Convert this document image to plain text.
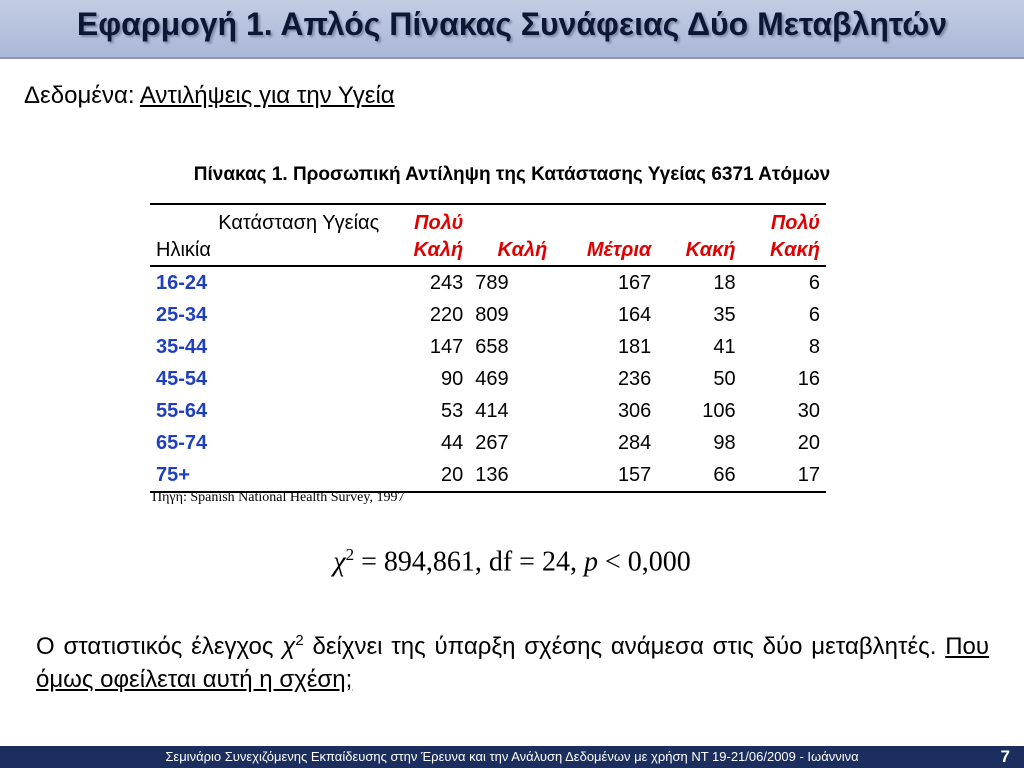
Εφαρμογή 1. Απλός Πίνακας Συνάφειας Δύο Μεταβλητών
Δεδομένα: Αντιλήψεις για την Υγεία
Πίνακας 1. Προσωπική Αντίληψη της Κατάστασης Υγείας 6371 Ατόμων
Κατάσταση Υγείας	Πολύ				Πολύ
Ηλικία	Καλή	Καλή	Μέτρια	Κακή	Κακή
16-24	243	789	167	18	6
25-34	220	809	164	35	6
35-44	147	658	181	41	8
45-54	90	469	236	50	16
55-64	53	414	306	106	30
65-74	44	267	284	98	20
75+	20	136	157	66	17
Πηγή: Spanish National Health Survey, 1997
$\chi^2 = 894,861$, df = 24, p < 0,000
Ο στατιστικός έλεγχος $\chi^2$ δείχνει της ύπαρξη σχέσης ανάμεσα στις δύο μεταβλητές. Που όμως οφείλεται αυτή η σχέση;
Σεμινάριο Συνεχιζόμενης Εκπαίδευσης στην Έρευνα και την Ανάλυση Δεδομένων με χρήση ΝΤ 19-21/06/2009 - Ιωάννινα	7
